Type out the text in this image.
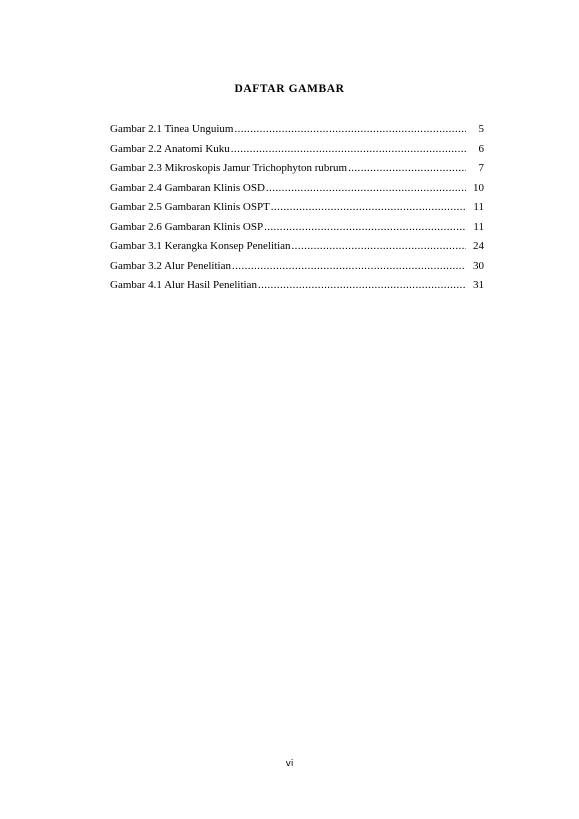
DAFTAR GAMBAR
Gambar 2.1 Tinea Unguium .....	5
Gambar 2.2 Anatomi Kuku .....	6
Gambar 2.3 Mikroskopis Jamur Trichophyton rubrum .....	7
Gambar 2.4 Gambaran Klinis OSD .....	10
Gambar 2.5 Gambaran Klinis OSPT .....	11
Gambar 2.6 Gambaran Klinis OSP .....	11
Gambar 3.1 Kerangka Konsep Penelitian .....	24
Gambar 3.2 Alur Penelitian .....	30
Gambar 4.1 Alur Hasil Penelitian .....	31
vi
